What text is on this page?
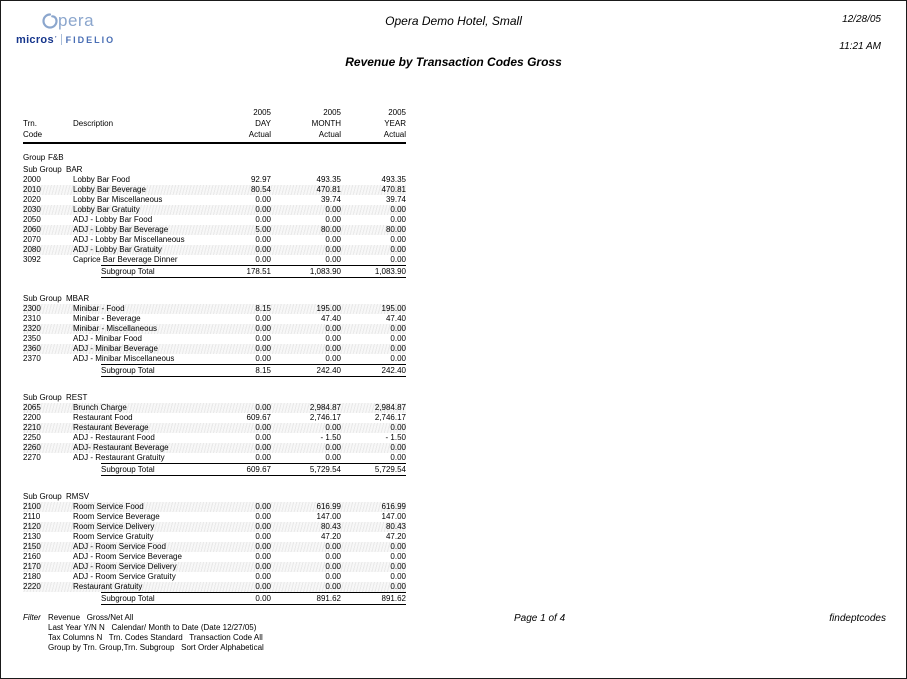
pera
micros ’ FIDELIO
Opera Demo Hotel, Small
Revenue by Transaction Codes Gross
12/28/05
11:21 AM
2005	2005	2005
Trn.	Description	DAY	MONTH	YEAR
Code	Actual	Actual	Actual
Group F&B
Sub Group BAR
2000	Lobby Bar Food	92.97	493.35	493.35
2010	Lobby Bar Beverage	80.54	470.81	470.81
2020	Lobby Bar Miscellaneous	0.00	39.74	39.74
2030	Lobby Bar Gratuity	0.00	0.00	0.00
2050	ADJ - Lobby Bar Food	0.00	0.00	0.00
2060	ADJ - Lobby Bar Beverage	5.00	80.00	80.00
2070	ADJ - Lobby Bar Miscellaneous	0.00	0.00	0.00
2080	ADJ - Lobby Bar Gratuity	0.00	0.00	0.00
3092	Caprice Bar Beverage Dinner	0.00	0.00	0.00
Subgroup Total	178.51	1,083.90	1,083.90
Sub Group MBAR
2300	Minibar - Food	8.15	195.00	195.00
2310	Minibar - Beverage	0.00	47.40	47.40
2320	Minibar - Miscellaneous	0.00	0.00	0.00
2350	ADJ - Minibar Food	0.00	0.00	0.00
2360	ADJ - Minibar Beverage	0.00	0.00	0.00
2370	ADJ - Minibar Miscellaneous	0.00	0.00	0.00
Subgroup Total	8.15	242.40	242.40
Sub Group REST
2065	Brunch Charge	0.00	2,984.87	2,984.87
2200	Restaurant Food	609.67	2,746.17	2,746.17
2210	Restaurant Beverage	0.00	0.00	0.00
2250	ADJ - Restaurant Food	0.00	- 1.50	- 1.50
2260	ADJ- Restaurant Beverage	0.00	0.00	0.00
2270	ADJ - Restaurant Gratuity	0.00	0.00	0.00
Subgroup Total	609.67	5,729.54	5,729.54
Sub Group RMSV
2100	Room Service Food	0.00	616.99	616.99
2110	Room Service Beverage	0.00	147.00	147.00
2120	Room Service Delivery	0.00	80.43	80.43
2130	Room Service Gratuity	0.00	47.20	47.20
2150	ADJ - Room Service Food	0.00	0.00	0.00
2160	ADJ - Room Service Beverage	0.00	0.00	0.00
2170	ADJ - Room Service Delivery	0.00	0.00	0.00
2180	ADJ - Room Service Gratuity	0.00	0.00	0.00
2220	Restaurant Gratuity	0.00	0.00	0.00
Subgroup Total	0.00	891.62	891.62
Filter Revenue   Gross/Net All
Last Year Y/N N   Calendar/ Month to Date (Date 12/27/05)
Tax Columns N   Trn. Codes Standard   Transaction Code All
Group by Trn. Group,Trn. Subgroup   Sort Order Alphabetical
Page 1 of 4	findeptcodes
